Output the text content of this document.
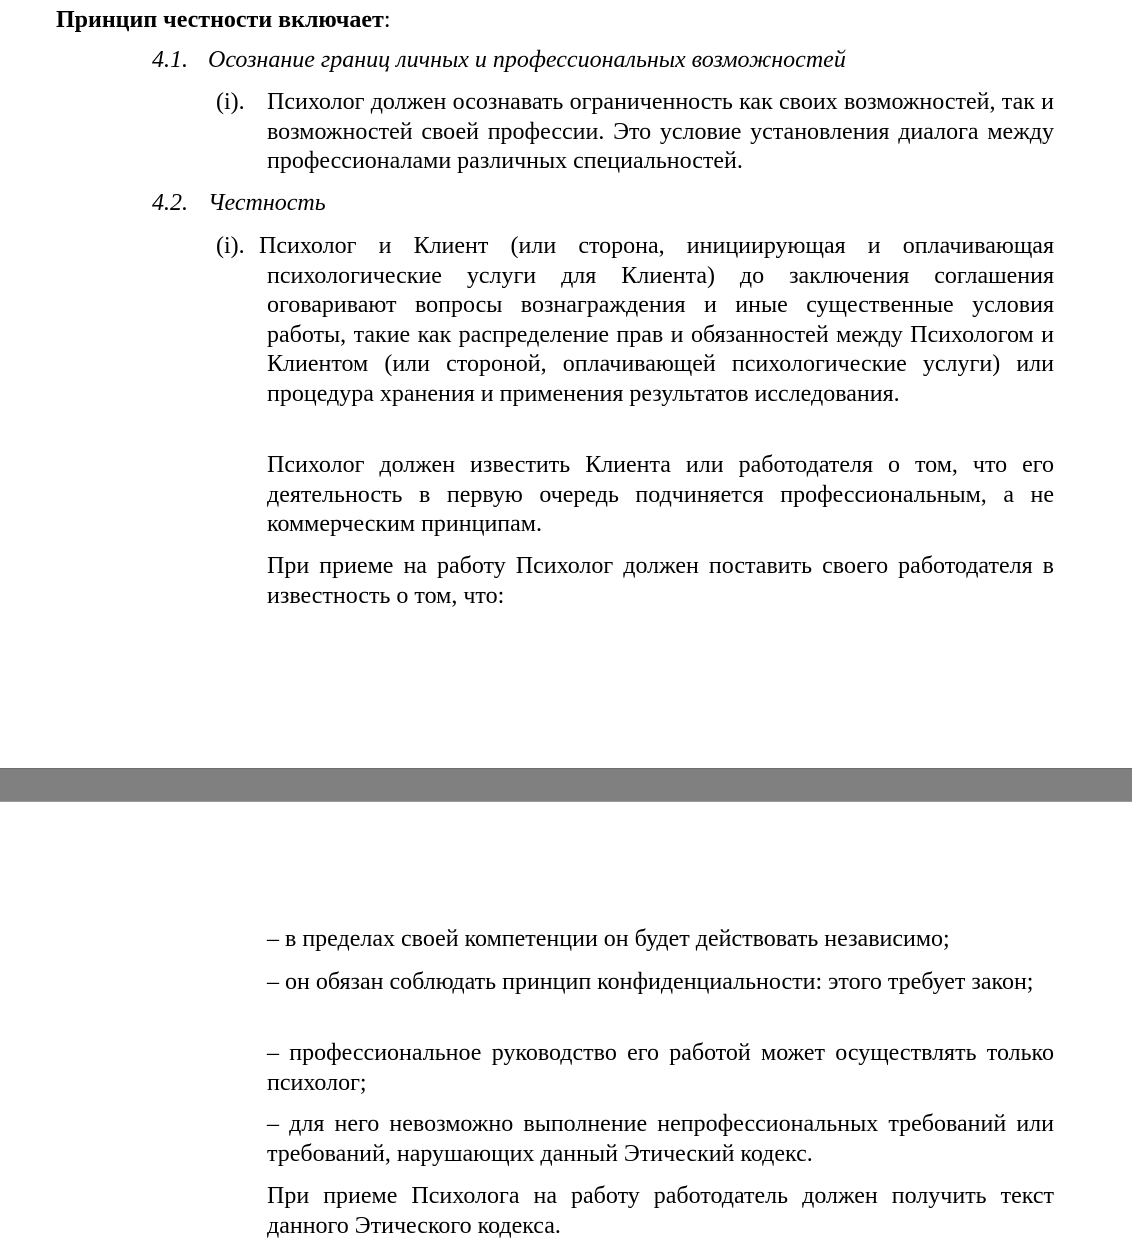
Принцип честности включает:
4.1. Осознание границ личных и профессиональных возможностей
(i). Психолог должен осознавать ограниченность как своих возможностей, так и возможностей своей профессии. Это условие установления диалога между профессионалами различных специальностей.
4.2. Честность
(i). Психолог и Клиент (или сторона, инициирующая и оплачивающая психологические услуги для Клиента) до заключения соглашения оговаривают вопросы вознаграждения и иные существенные условия работы, такие как распределение прав и обязанностей между Психологом и Клиентом (или стороной, оплачивающей психологические услуги) или процедура хранения и применения результатов исследования.
Психолог должен известить Клиента или работодателя о том, что его деятельность в первую очередь подчиняется профессиональным, а не коммерческим принципам.
При приеме на работу Психолог должен поставить своего работодателя в известность о том, что:
– в пределах своей компетенции он будет действовать независимо;
– он обязан соблюдать принцип конфиденциальности: этого требует закон;
– профессиональное руководство его работой может осуществлять только психолог;
– для него невозможно выполнение непрофессиональных требований или требований, нарушающих данный Этический кодекс.
При приеме Психолога на работу работодатель должен получить текст данного Этического кодекса.
